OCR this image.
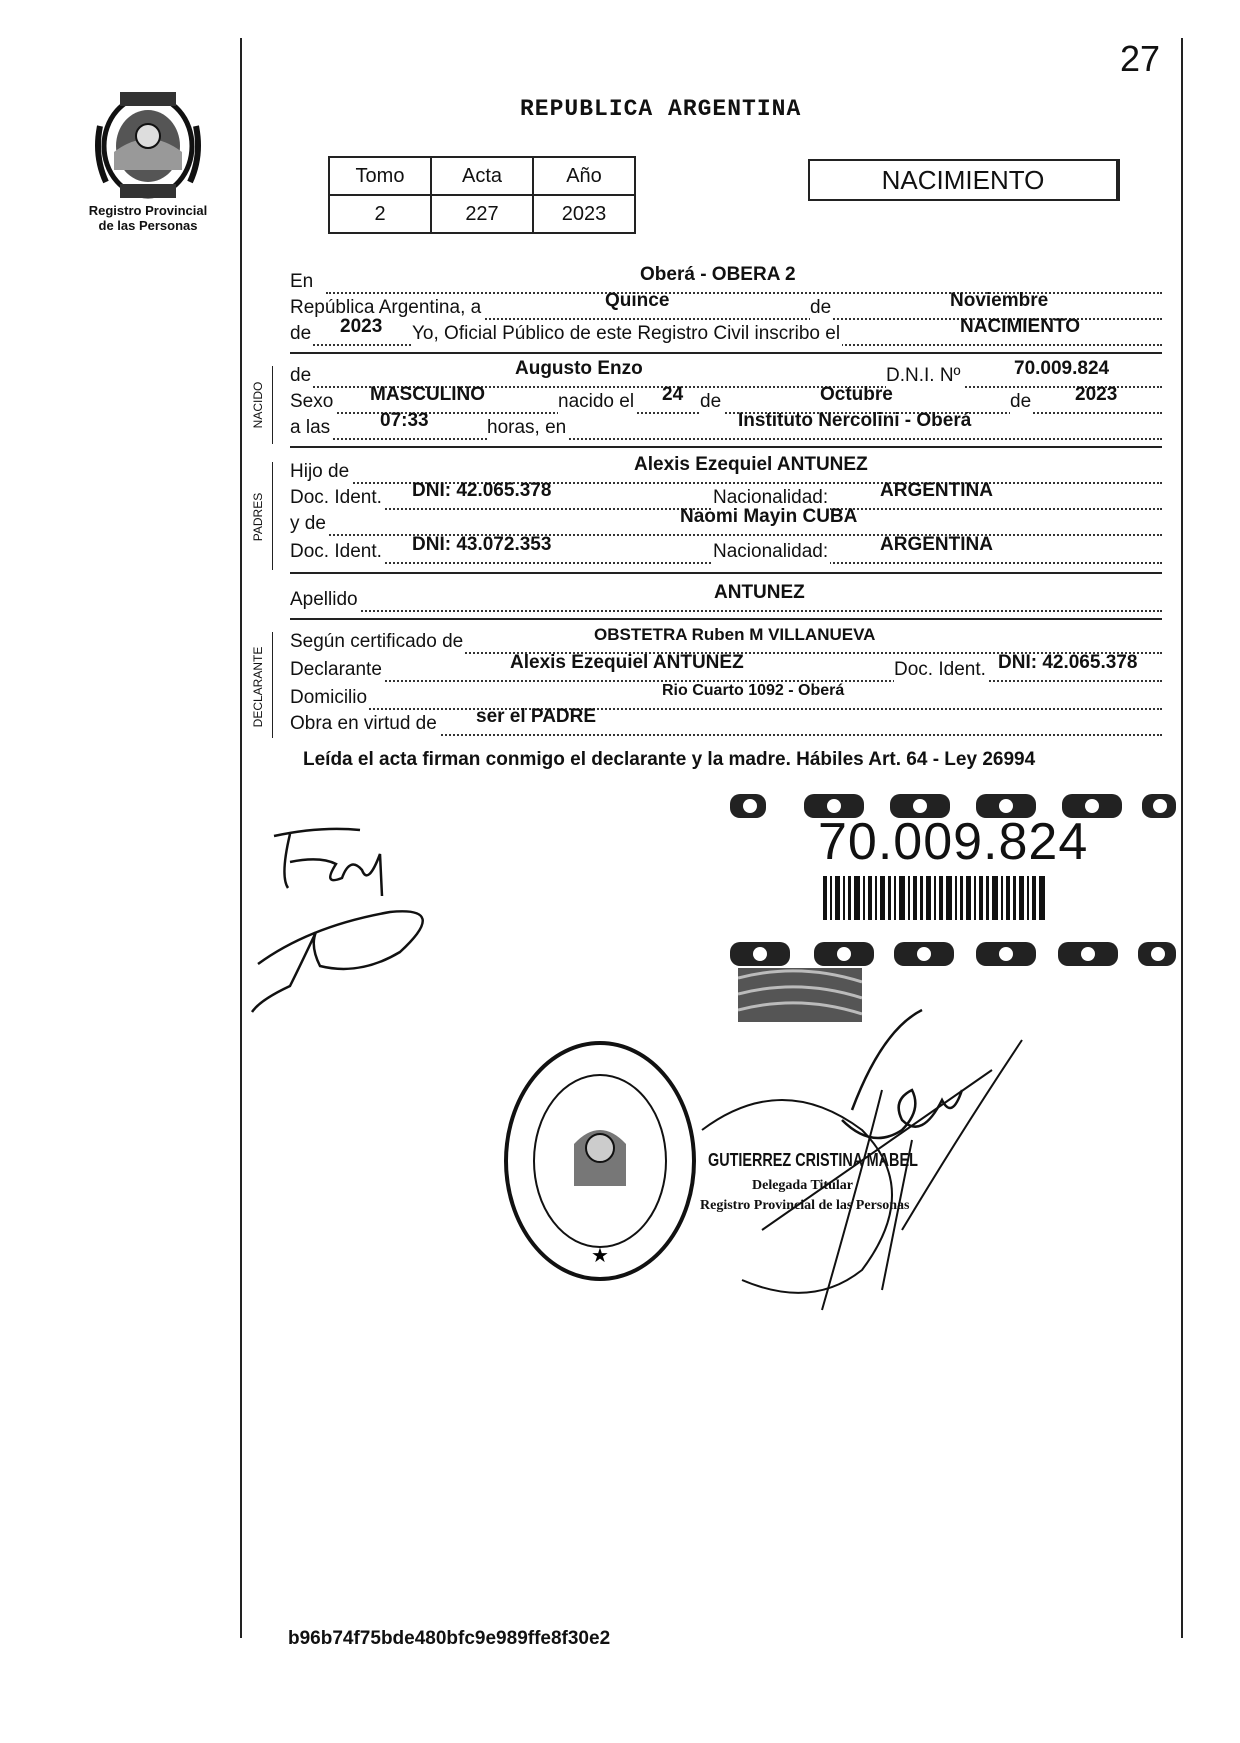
27
Registro Provincial
de las Personas
REPUBLICA ARGENTINA
Tomo	Acta	Año
2	227	2023
NACIMIENTO
En	Oberá - OBERA 2
República Argentina, a	Quince	de	Noviembre
de 2023 Yo, Oficial Público de este Registro Civil inscribo el	NACIMIENTO
NACIDO
de	Augusto Enzo	D.N.I. Nº	70.009.824
Sexo MASCULINO	nacido el 24 de	Octubre	de 2023
a las	07:33	horas, en	Instituto Nercolini - Oberá
PADRES
Hijo de	Alexis Ezequiel ANTUNEZ
Doc. Ident. DNI: 42.065.378	Nacionalidad:	ARGENTINA
y de	Naomi Mayin CUBA
Doc. Ident. DNI: 43.072.353	Nacionalidad:	ARGENTINA
Apellido	ANTUNEZ
DECLARANTE
Según certificado de	OBSTETRA Ruben M VILLANUEVA
Declarante	Alexis Ezequiel ANTUNEZ	Doc. Ident. DNI: 42.065.378
Domicilio	Rio Cuarto 1092 - Oberá
Obra en virtud de ser el PADRE
Leída el acta firman conmigo el declarante y la madre. Hábiles Art. 64 - Ley 26994
70.009.824
★
GUTIERREZ CRISTINA MABEL
Delegada Titular
Registro Provincial de las Personas
b96b74f75bde480bfc9e989ffe8f30e2
